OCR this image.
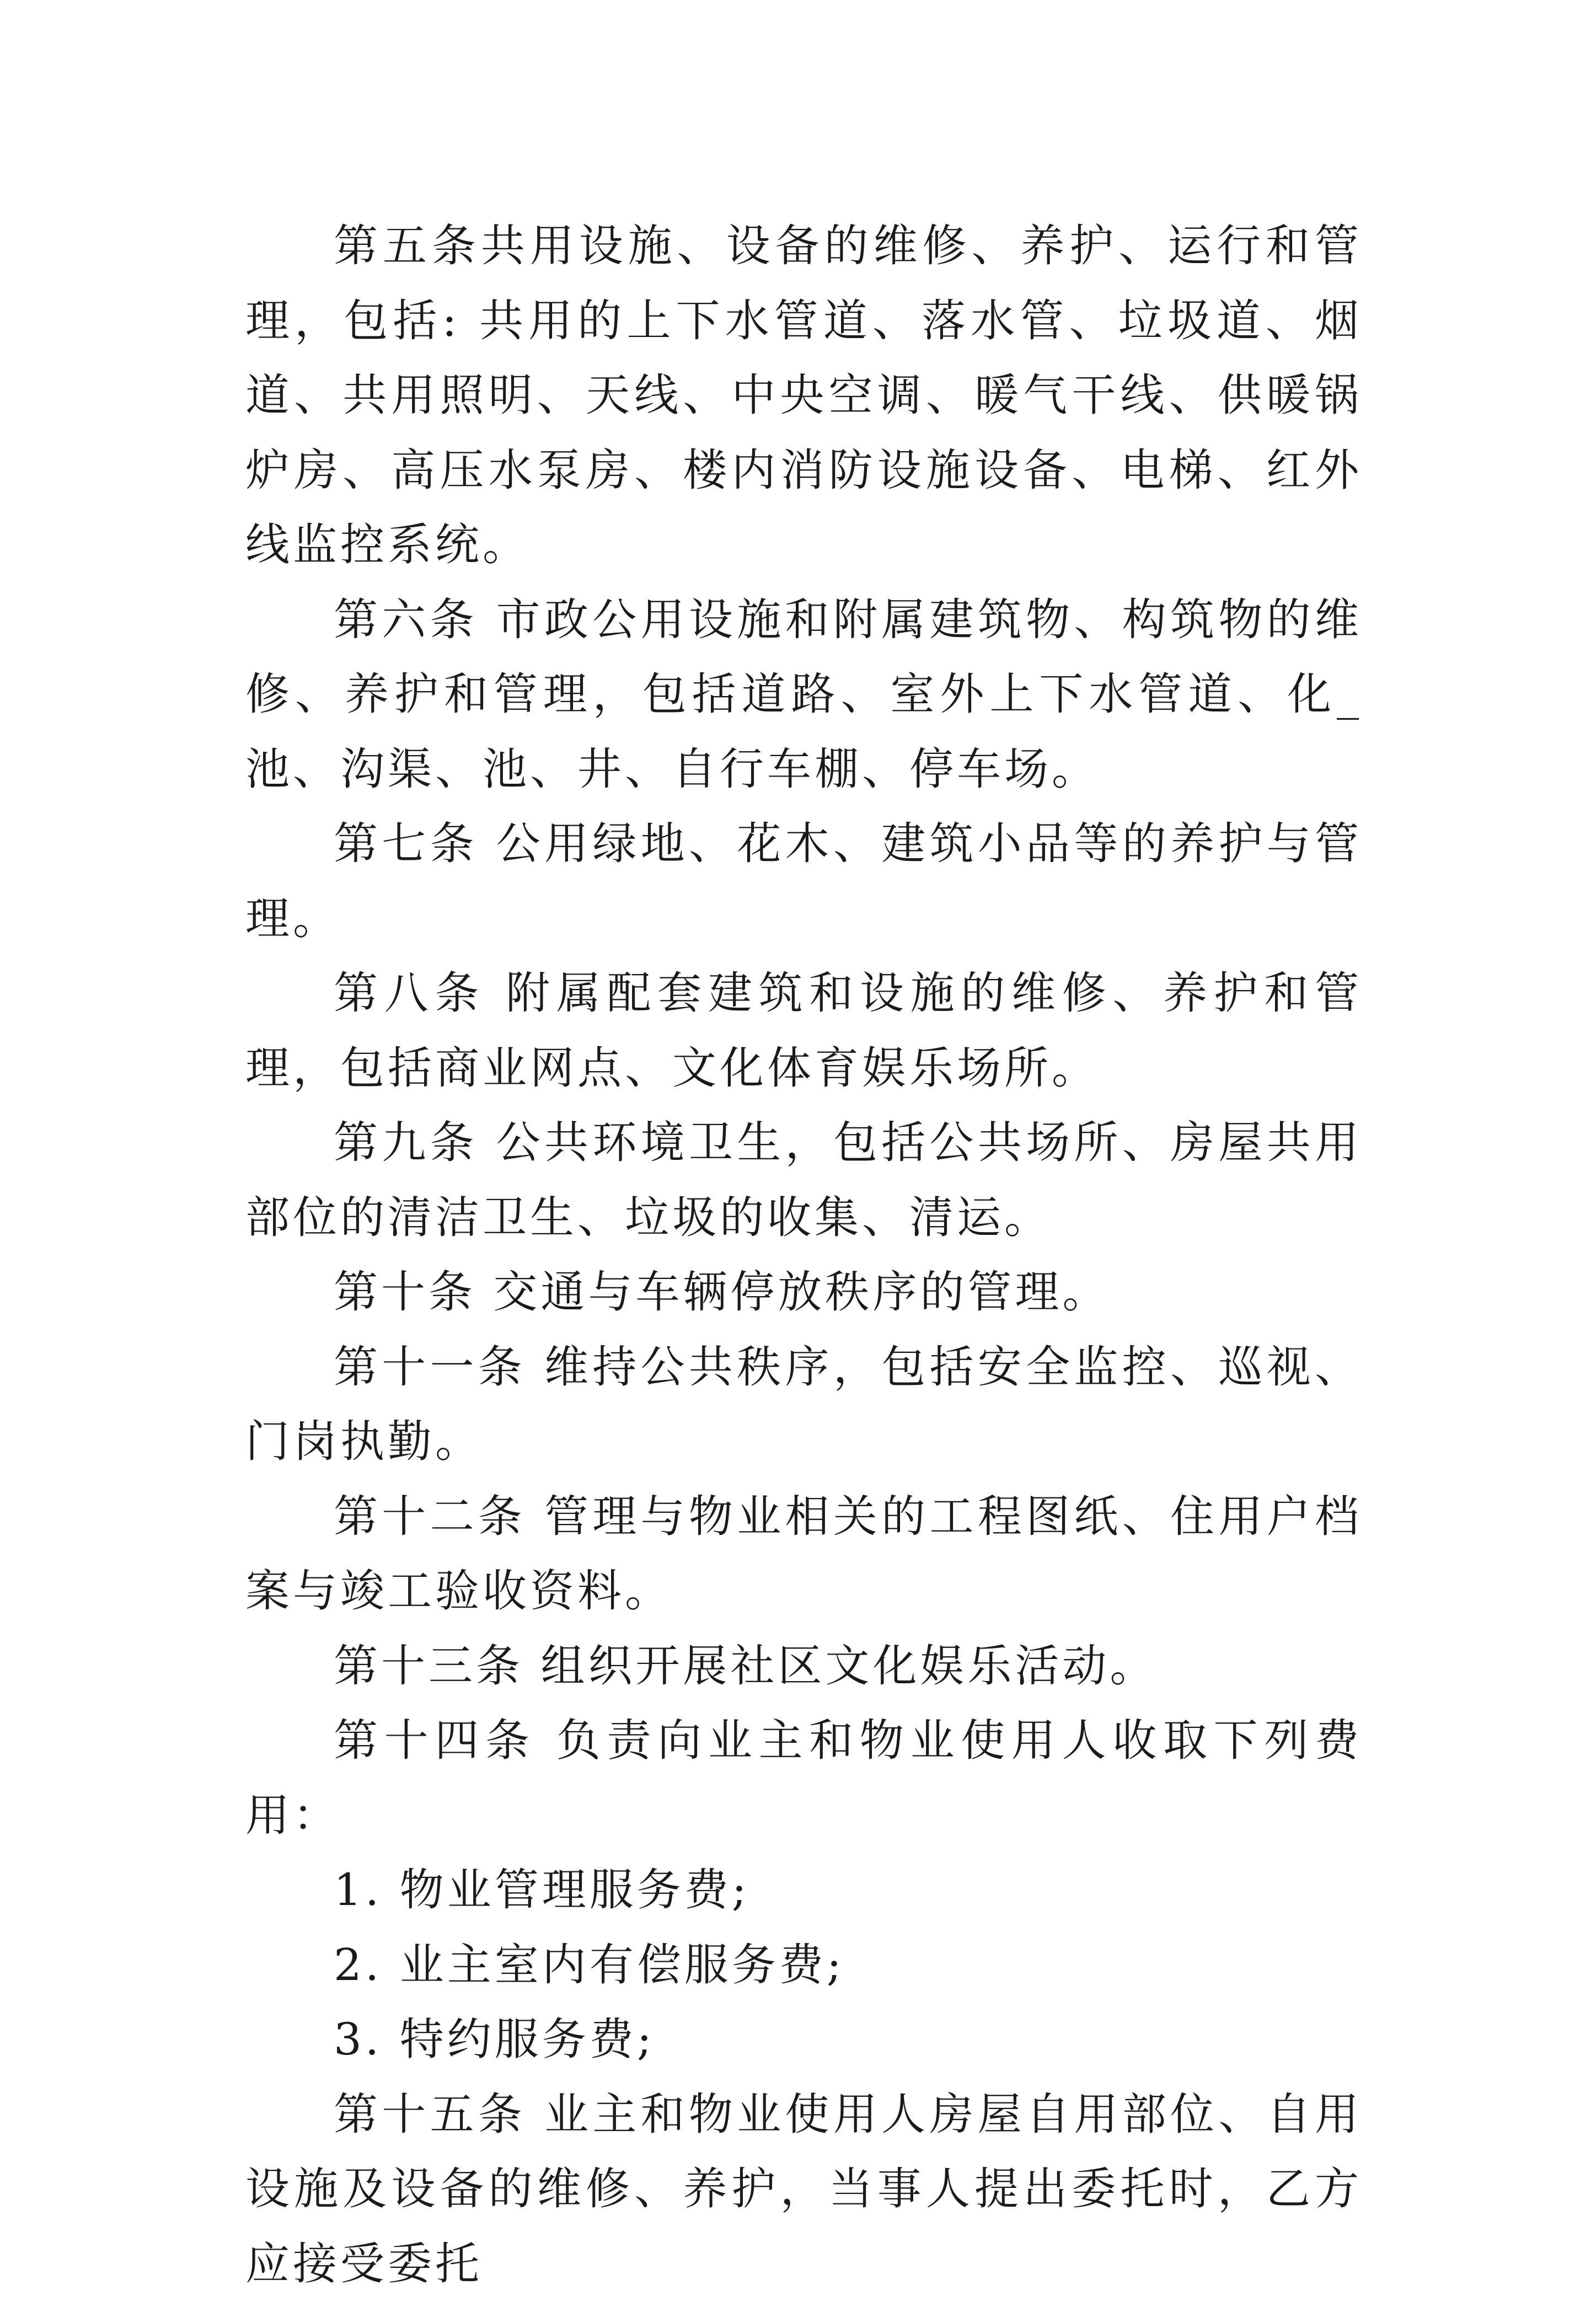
第五条共用设施、设备的维修、养护、运行和管理，包括: 共用的上下水管道、落水管、垃圾道、烟道、共用照明、天线、中央空调、暖气干线、供暖锅炉房、高压水泵房、楼内消防设施设备、电梯、红外线监控系统。

第六条 市政公用设施和附属建筑物、构筑物的维修、养护和管理，包括道路、室外上下水管道、化_池、沟渠、池、井、自行车棚、停车场。

第七条 公用绿地、花木、建筑小品等的养护与管理。

第八条 附属配套建筑和设施的维修、养护和管理，包括商业网点、文化体育娱乐场所。

第九条 公共环境卫生，包括公共场所、房屋共用部位的清洁卫生、垃圾的收集、清运。

第十条 交通与车辆停放秩序的管理。

第十一条 维持公共秩序，包括安全监控、巡视、门岗执勤。

第十二条 管理与物业相关的工程图纸、住用户档案与竣工验收资料。

第十三条 组织开展社区文化娱乐活动。

第十四条 负责向业主和物业使用人收取下列费用：

1. 物业管理服务费;

2. 业主室内有偿服务费;

3. 特约服务费;

第十五条 业主和物业使用人房屋自用部位、自用设施及设备的维修、养护，当事人提出委托时，乙方应接受委托
